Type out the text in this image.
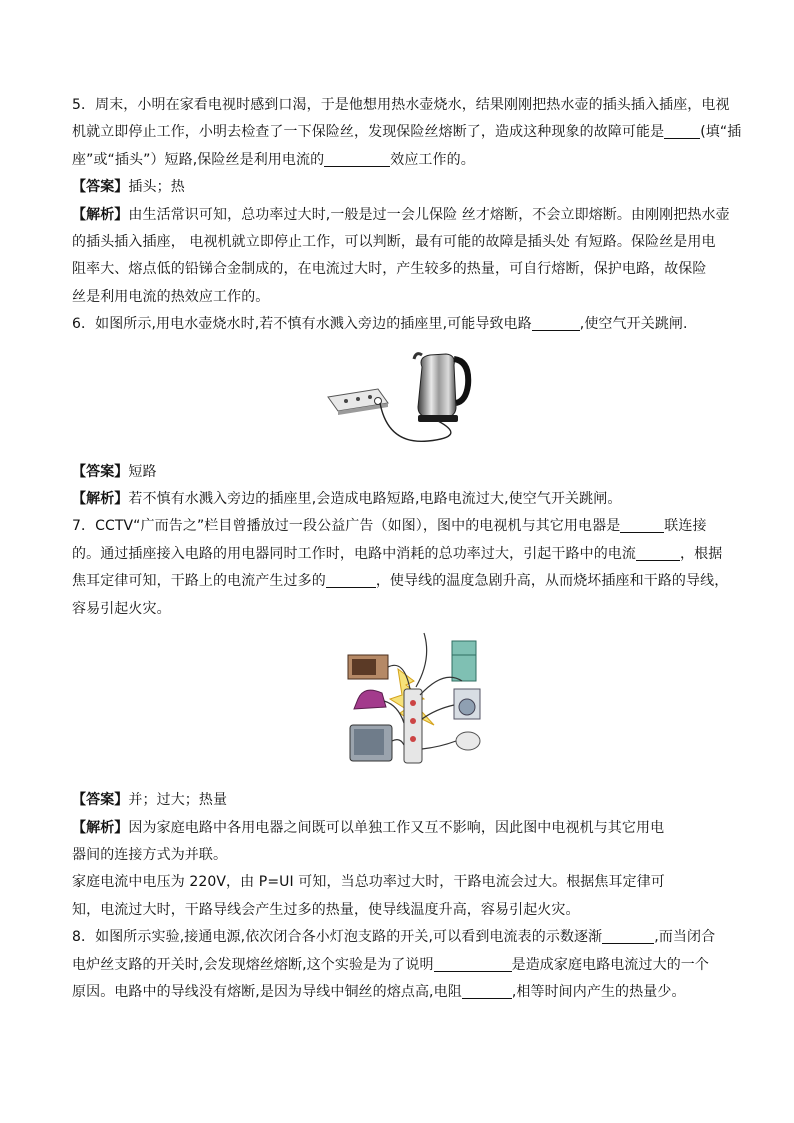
5．周末，小明在家看电视时感到口渴，于是他想用热水壶烧水，结果刚刚把热水壶的插头插入插座，电视
机就立即停止工作，小明去检查了一下保险丝，发现保险丝熔断了，造成这种现象的故障可能是	(填“插
座”或“插头”）短路,保险丝是利用电流的	效应工作的。
【答案】插头；热
【解析】由生活常识可知，总功率过大时,一般是过一会儿保险 丝才熔断，不会立即熔断。由刚刚把热水壶
的插头插入插座， 电视机就立即停止工作，可以判断，最有可能的故障是插头处 有短路。保险丝是用电
阻率大、熔点低的铅锑合金制成的，在电流过大时，产生较多的热量，可自行熔断，保护电路，故保险
丝是利用电流的热效应工作的。
6．如图所示,用电水壶烧水时,若不慎有水溅入旁边的插座里,可能导致电路	,使空气开关跳闸.
【答案】短路
【解析】若不慎有水溅入旁边的插座里,会造成电路短路,电路电流过大,使空气开关跳闸。
7．CCTV“广而告之”栏目曾播放过一段公益广告（如图），图中的电视机与其它用电器是	联连接
的。通过插座接入电路的用电器同时工作时，电路中消耗的总功率过大，引起干路中的电流	，根据
焦耳定律可知，干路上的电流产生过多的	，使导线的温度急剧升高，从而烧坏插座和干路的导线，
容易引起火灾。
【答案】并；过大；热量
【解析】因为家庭电路中各用电器之间既可以单独工作又互不影响，因此图中电视机与其它用电
器间的连接方式为并联。
家庭电流中电压为 220V，由 P=UI 可知，当总功率过大时，干路电流会过大。根据焦耳定律可
知，电流过大时，干路导线会产生过多的热量，使导线温度升高，容易引起火灾。
8．如图所示实验,接通电源,依次闭合各小灯泡支路的开关,可以看到电流表的示数逐渐	,而当闭合
电炉丝支路的开关时,会发现熔丝熔断,这个实验是为了说明	是造成家庭电路电流过大的一个
原因。电路中的导线没有熔断,是因为导线中铜丝的熔点高,电阻	,相等时间内产生的热量少。
